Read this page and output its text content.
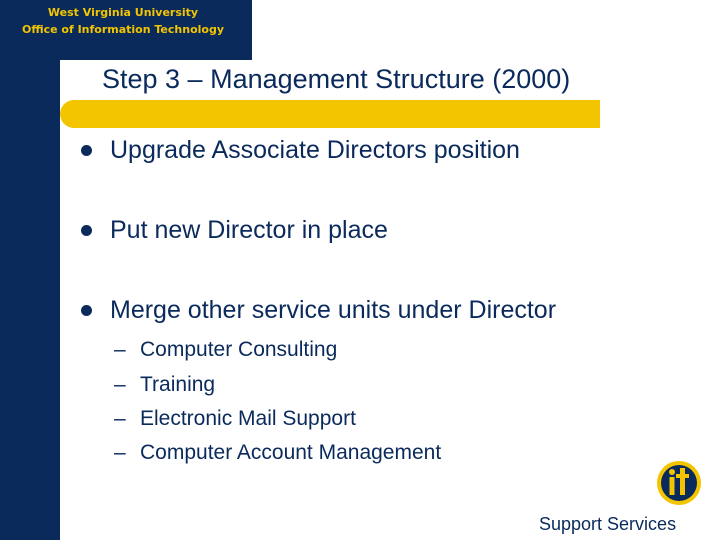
West Virginia University
Office of Information Technology
Step 3 – Management Structure (2000)
Upgrade Associate Directors position
Put new Director in place
Merge other service units under Director
– Computer Consulting
– Training
– Electronic Mail Support
– Computer Account Management
Support Services
